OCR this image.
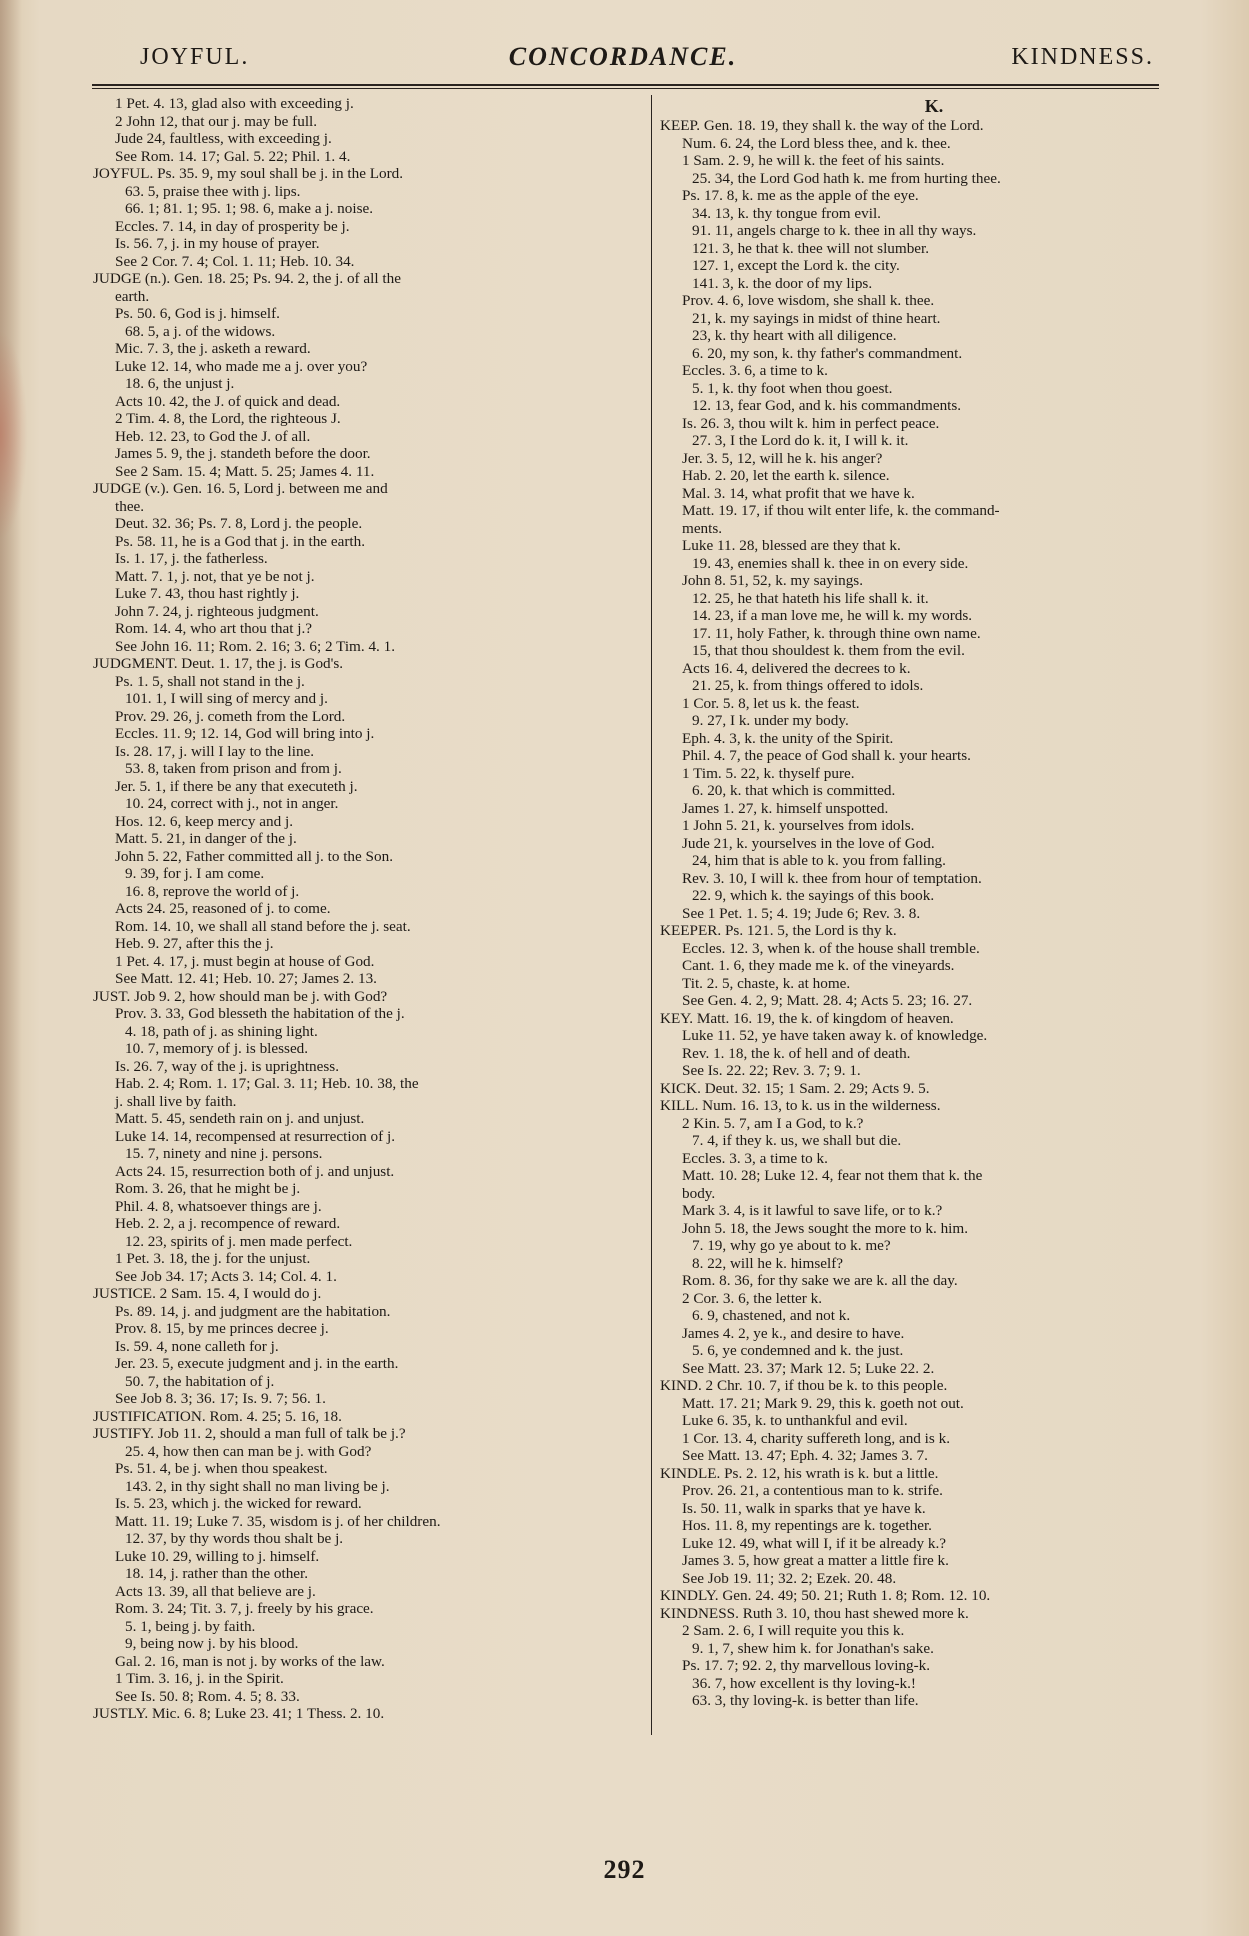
JOYFUL.	CONCORDANCE.	KINDNESS.
1 Pet. 4. 13, glad also with exceeding j.
2 John 12, that our j. may be full.
Jude 24, faultless, with exceeding j.
See Rom. 14. 17; Gal. 5. 22; Phil. 1. 4.
JOYFUL. Ps. 35. 9, my soul shall be j. in the Lord.
63. 5, praise thee with j. lips.
66. 1; 81. 1; 95. 1; 98. 6, make a j. noise.
Eccles. 7. 14, in day of prosperity be j.
Is. 56. 7, j. in my house of prayer.
See 2 Cor. 7. 4; Col. 1. 11; Heb. 10. 34.
JUDGE (n.). Gen. 18. 25; Ps. 94. 2, the j. of all the
earth.
Ps. 50. 6, God is j. himself.
68. 5, a j. of the widows.
Mic. 7. 3, the j. asketh a reward.
Luke 12. 14, who made me a j. over you?
18. 6, the unjust j.
Acts 10. 42, the J. of quick and dead.
2 Tim. 4. 8, the Lord, the righteous J.
Heb. 12. 23, to God the J. of all.
James 5. 9, the j. standeth before the door.
See 2 Sam. 15. 4; Matt. 5. 25; James 4. 11.
JUDGE (v.). Gen. 16. 5, Lord j. between me and
thee.
Deut. 32. 36; Ps. 7. 8, Lord j. the people.
Ps. 58. 11, he is a God that j. in the earth.
Is. 1. 17, j. the fatherless.
Matt. 7. 1, j. not, that ye be not j.
Luke 7. 43, thou hast rightly j.
John 7. 24, j. righteous judgment.
Rom. 14. 4, who art thou that j.?
See John 16. 11; Rom. 2. 16; 3. 6; 2 Tim. 4. 1.
JUDGMENT. Deut. 1. 17, the j. is God's.
Ps. 1. 5, shall not stand in the j.
101. 1, I will sing of mercy and j.
Prov. 29. 26, j. cometh from the Lord.
Eccles. 11. 9; 12. 14, God will bring into j.
Is. 28. 17, j. will I lay to the line.
53. 8, taken from prison and from j.
Jer. 5. 1, if there be any that executeth j.
10. 24, correct with j., not in anger.
Hos. 12. 6, keep mercy and j.
Matt. 5. 21, in danger of the j.
John 5. 22, Father committed all j. to the Son.
9. 39, for j. I am come.
16. 8, reprove the world of j.
Acts 24. 25, reasoned of j. to come.
Rom. 14. 10, we shall all stand before the j. seat.
Heb. 9. 27, after this the j.
1 Pet. 4. 17, j. must begin at house of God.
See Matt. 12. 41; Heb. 10. 27; James 2. 13.
JUST. Job 9. 2, how should man be j. with God?
Prov. 3. 33, God blesseth the habitation of the j.
4. 18, path of j. as shining light.
10. 7, memory of j. is blessed.
Is. 26. 7, way of the j. is uprightness.
Hab. 2. 4; Rom. 1. 17; Gal. 3. 11; Heb. 10. 38, the
j. shall live by faith.
Matt. 5. 45, sendeth rain on j. and unjust.
Luke 14. 14, recompensed at resurrection of j.
15. 7, ninety and nine j. persons.
Acts 24. 15, resurrection both of j. and unjust.
Rom. 3. 26, that he might be j.
Phil. 4. 8, whatsoever things are j.
Heb. 2. 2, a j. recompence of reward.
12. 23, spirits of j. men made perfect.
1 Pet. 3. 18, the j. for the unjust.
See Job 34. 17; Acts 3. 14; Col. 4. 1.
JUSTICE. 2 Sam. 15. 4, I would do j.
Ps. 89. 14, j. and judgment are the habitation.
Prov. 8. 15, by me princes decree j.
Is. 59. 4, none calleth for j.
Jer. 23. 5, execute judgment and j. in the earth.
50. 7, the habitation of j.
See Job 8. 3; 36. 17; Is. 9. 7; 56. 1.
JUSTIFICATION. Rom. 4. 25; 5. 16, 18.
JUSTIFY. Job 11. 2, should a man full of talk be j.?
25. 4, how then can man be j. with God?
Ps. 51. 4, be j. when thou speakest.
143. 2, in thy sight shall no man living be j.
Is. 5. 23, which j. the wicked for reward.
Matt. 11. 19; Luke 7. 35, wisdom is j. of her children.
12. 37, by thy words thou shalt be j.
Luke 10. 29, willing to j. himself.
18. 14, j. rather than the other.
Acts 13. 39, all that believe are j.
Rom. 3. 24; Tit. 3. 7, j. freely by his grace.
5. 1, being j. by faith.
9, being now j. by his blood.
Gal. 2. 16, man is not j. by works of the law.
1 Tim. 3. 16, j. in the Spirit.
See Is. 50. 8; Rom. 4. 5; 8. 33.
JUSTLY. Mic. 6. 8; Luke 23. 41; 1 Thess. 2. 10.
K.
KEEP. Gen. 18. 19, they shall k. the way of the Lord.
Num. 6. 24, the Lord bless thee, and k. thee.
1 Sam. 2. 9, he will k. the feet of his saints.
25. 34, the Lord God hath k. me from hurting thee.
Ps. 17. 8, k. me as the apple of the eye.
34. 13, k. thy tongue from evil.
91. 11, angels charge to k. thee in all thy ways.
121. 3, he that k. thee will not slumber.
127. 1, except the Lord k. the city.
141. 3, k. the door of my lips.
Prov. 4. 6, love wisdom, she shall k. thee.
21, k. my sayings in midst of thine heart.
23, k. thy heart with all diligence.
6. 20, my son, k. thy father's commandment.
Eccles. 3. 6, a time to k.
5. 1, k. thy foot when thou goest.
12. 13, fear God, and k. his commandments.
Is. 26. 3, thou wilt k. him in perfect peace.
27. 3, I the Lord do k. it, I will k. it.
Jer. 3. 5, 12, will he k. his anger?
Hab. 2. 20, let the earth k. silence.
Mal. 3. 14, what profit that we have k.
Matt. 19. 17, if thou wilt enter life, k. the command-
ments.
Luke 11. 28, blessed are they that k.
19. 43, enemies shall k. thee in on every side.
John 8. 51, 52, k. my sayings.
12. 25, he that hateth his life shall k. it.
14. 23, if a man love me, he will k. my words.
17. 11, holy Father, k. through thine own name.
15, that thou shouldest k. them from the evil.
Acts 16. 4, delivered the decrees to k.
21. 25, k. from things offered to idols.
1 Cor. 5. 8, let us k. the feast.
9. 27, I k. under my body.
Eph. 4. 3, k. the unity of the Spirit.
Phil. 4. 7, the peace of God shall k. your hearts.
1 Tim. 5. 22, k. thyself pure.
6. 20, k. that which is committed.
James 1. 27, k. himself unspotted.
1 John 5. 21, k. yourselves from idols.
Jude 21, k. yourselves in the love of God.
24, him that is able to k. you from falling.
Rev. 3. 10, I will k. thee from hour of temptation.
22. 9, which k. the sayings of this book.
See 1 Pet. 1. 5; 4. 19; Jude 6; Rev. 3. 8.
KEEPER. Ps. 121. 5, the Lord is thy k.
Eccles. 12. 3, when k. of the house shall tremble.
Cant. 1. 6, they made me k. of the vineyards.
Tit. 2. 5, chaste, k. at home.
See Gen. 4. 2, 9; Matt. 28. 4; Acts 5. 23; 16. 27.
KEY. Matt. 16. 19, the k. of kingdom of heaven.
Luke 11. 52, ye have taken away k. of knowledge.
Rev. 1. 18, the k. of hell and of death.
See Is. 22. 22; Rev. 3. 7; 9. 1.
KICK. Deut. 32. 15; 1 Sam. 2. 29; Acts 9. 5.
KILL. Num. 16. 13, to k. us in the wilderness.
2 Kin. 5. 7, am I a God, to k.?
7. 4, if they k. us, we shall but die.
Eccles. 3. 3, a time to k.
Matt. 10. 28; Luke 12. 4, fear not them that k. the
body.
Mark 3. 4, is it lawful to save life, or to k.?
John 5. 18, the Jews sought the more to k. him.
7. 19, why go ye about to k. me?
8. 22, will he k. himself?
Rom. 8. 36, for thy sake we are k. all the day.
2 Cor. 3. 6, the letter k.
6. 9, chastened, and not k.
James 4. 2, ye k., and desire to have.
5. 6, ye condemned and k. the just.
See Matt. 23. 37; Mark 12. 5; Luke 22. 2.
KIND. 2 Chr. 10. 7, if thou be k. to this people.
Matt. 17. 21; Mark 9. 29, this k. goeth not out.
Luke 6. 35, k. to unthankful and evil.
1 Cor. 13. 4, charity suffereth long, and is k.
See Matt. 13. 47; Eph. 4. 32; James 3. 7.
KINDLE. Ps. 2. 12, his wrath is k. but a little.
Prov. 26. 21, a contentious man to k. strife.
Is. 50. 11, walk in sparks that ye have k.
Hos. 11. 8, my repentings are k. together.
Luke 12. 49, what will I, if it be already k.?
James 3. 5, how great a matter a little fire k.
See Job 19. 11; 32. 2; Ezek. 20. 48.
KINDLY. Gen. 24. 49; 50. 21; Ruth 1. 8; Rom. 12. 10.
KINDNESS. Ruth 3. 10, thou hast shewed more k.
2 Sam. 2. 6, I will requite you this k.
9. 1, 7, shew him k. for Jonathan's sake.
Ps. 17. 7; 92. 2, thy marvellous loving-k.
36. 7, how excellent is thy loving-k.!
63. 3, thy loving-k. is better than life.
292
